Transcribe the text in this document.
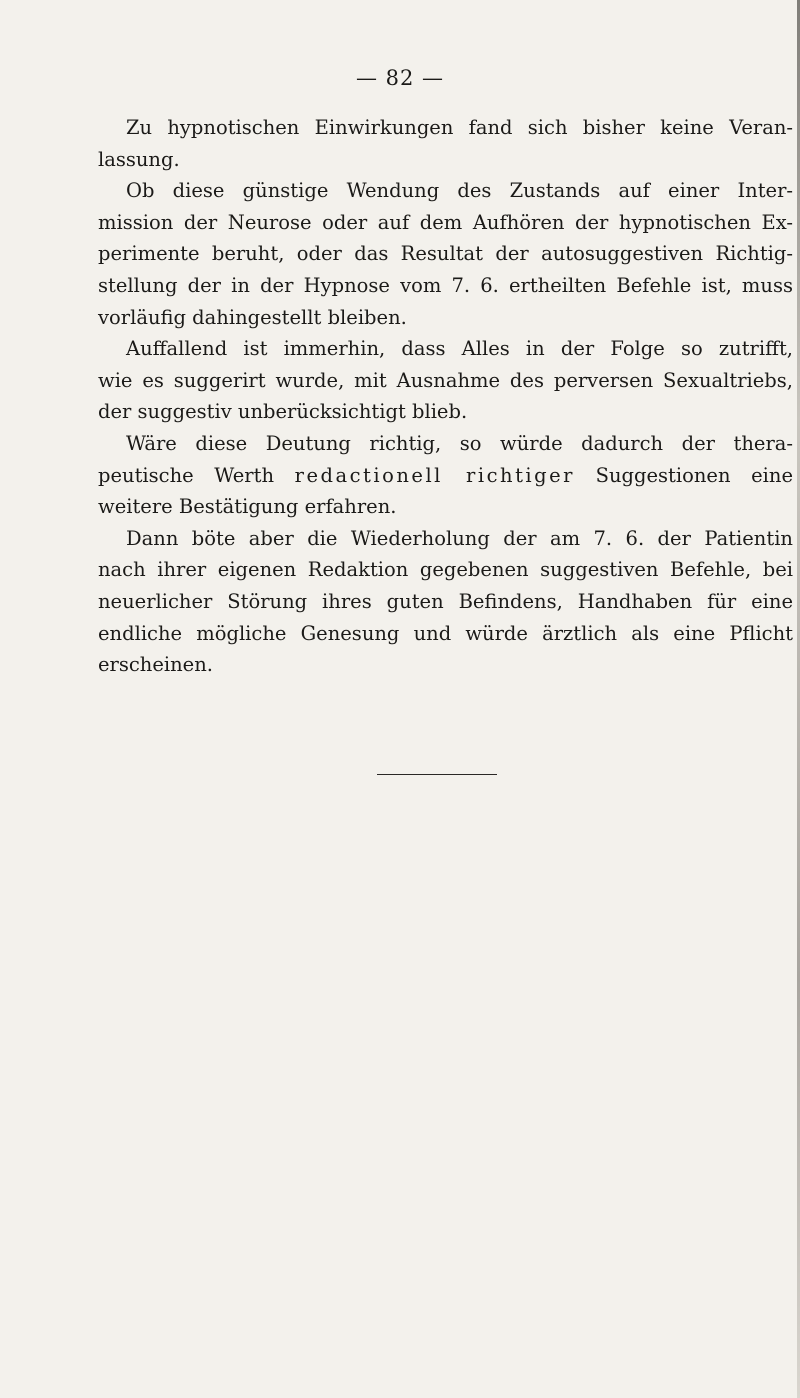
— 82 —
Zu hypnotischen Einwirkungen fand sich bisher keine Veran-
lassung.
Ob diese günstige Wendung des Zustands auf einer Inter-
mission der Neurose oder auf dem Aufhören der hypnotischen Ex-
perimente beruht, oder das Resultat der autosuggestiven Richtig-
stellung der in der Hypnose vom 7. 6. ertheilten Befehle ist, muss
vorläufig dahingestellt bleiben.
Auffallend ist immerhin, dass Alles in der Folge so zutrifft,
wie es suggerirt wurde, mit Ausnahme des perversen Sexualtriebs,
der suggestiv unberücksichtigt blieb.
Wäre diese Deutung richtig, so würde dadurch der thera-
peutische Werth redactionell richtiger Suggestionen eine
weitere Bestätigung erfahren.
Dann böte aber die Wiederholung der am 7. 6. der Patientin
nach ihrer eigenen Redaktion gegebenen suggestiven Befehle, bei
neuerlicher Störung ihres guten Befindens, Handhaben für eine
endliche mögliche Genesung und würde ärztlich als eine Pflicht
erscheinen.
